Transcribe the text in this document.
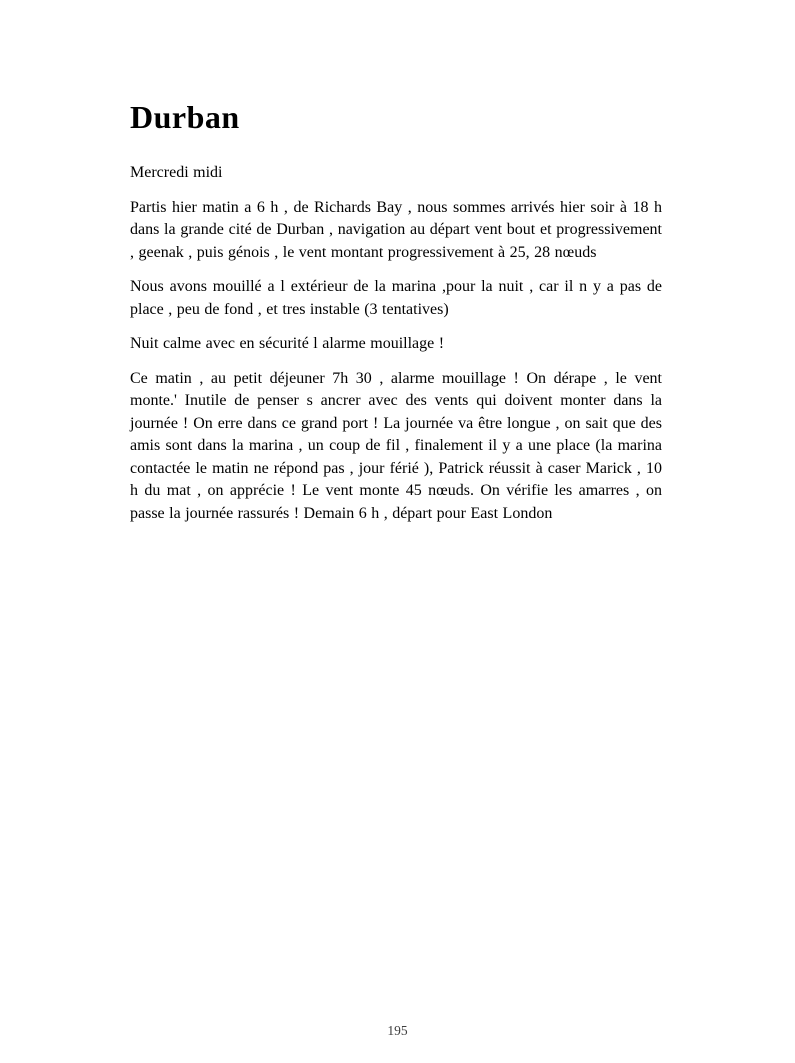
Durban

Mercredi midi

Partis hier matin a 6 h , de Richards Bay , nous sommes arrivés hier soir à 18 h dans la grande cité de Durban , navigation au départ vent bout et progressivement , geenak , puis génois , le vent montant progressivement à 25, 28 nœuds

Nous avons mouillé a l extérieur de la marina ,pour la nuit , car il n y a pas de place , peu de fond , et tres instable (3 tentatives)

Nuit calme avec en sécurité l alarme mouillage !

Ce matin , au petit déjeuner 7h 30 , alarme mouillage ! On dérape , le vent monte.' Inutile de penser s ancrer avec des vents qui doivent monter dans la journée ! On erre dans ce grand port ! La journée va être longue , on sait que des amis sont dans la marina , un coup de fil , finalement il y a une place (la marina contactée le matin ne répond pas , jour férié ), Patrick réussit à caser Marick , 10 h du mat , on apprécie ! Le vent monte 45 nœuds. On vérifie les amarres , on passe la journée rassurés ! Demain 6 h , départ pour East London

195
